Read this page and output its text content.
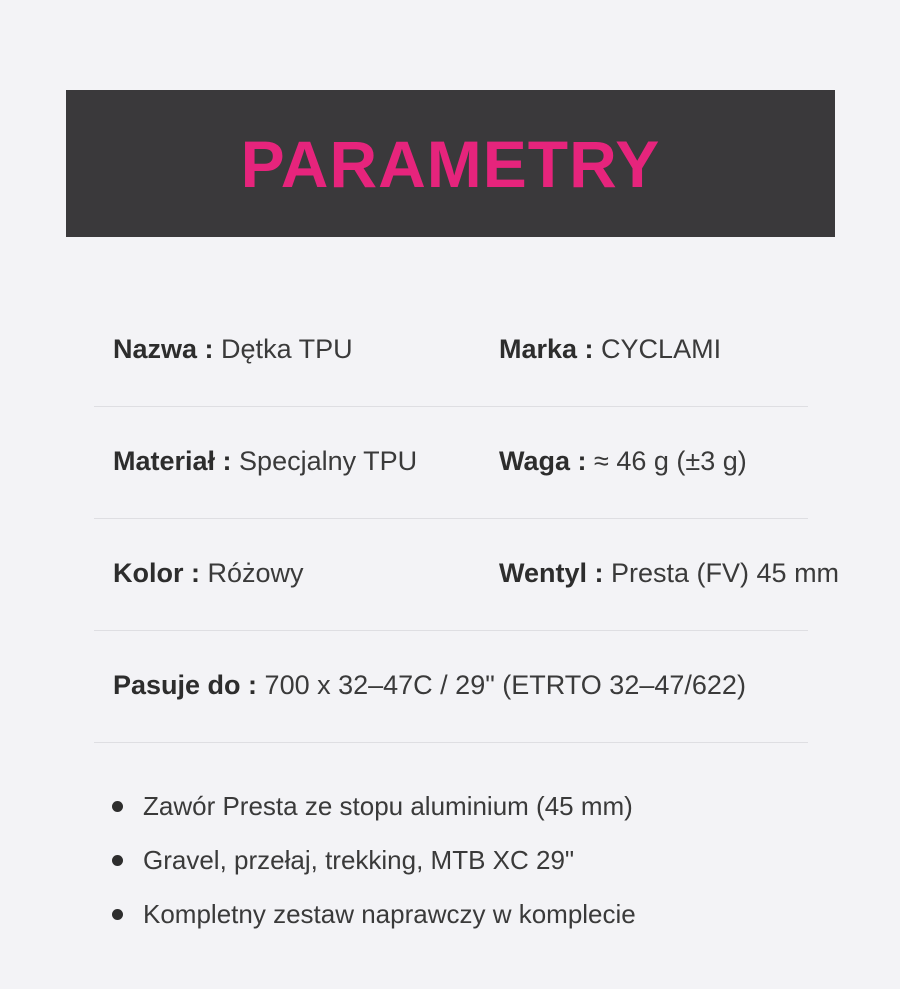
PARAMETRY
Nazwa : Dętka TPU	Marka : CYCLAMI
Materiał : Specjalny TPU	Waga : ≈ 46 g (±3 g)
Kolor : Różowy	Wentyl : Presta (FV) 45 mm
Pasuje do : 700 x 32–47C / 29" (ETRTO 32–47/622)
Zawór Presta ze stopu aluminium (45 mm)
Gravel, przełaj, trekking, MTB XC 29"
Kompletny zestaw naprawczy w komplecie
